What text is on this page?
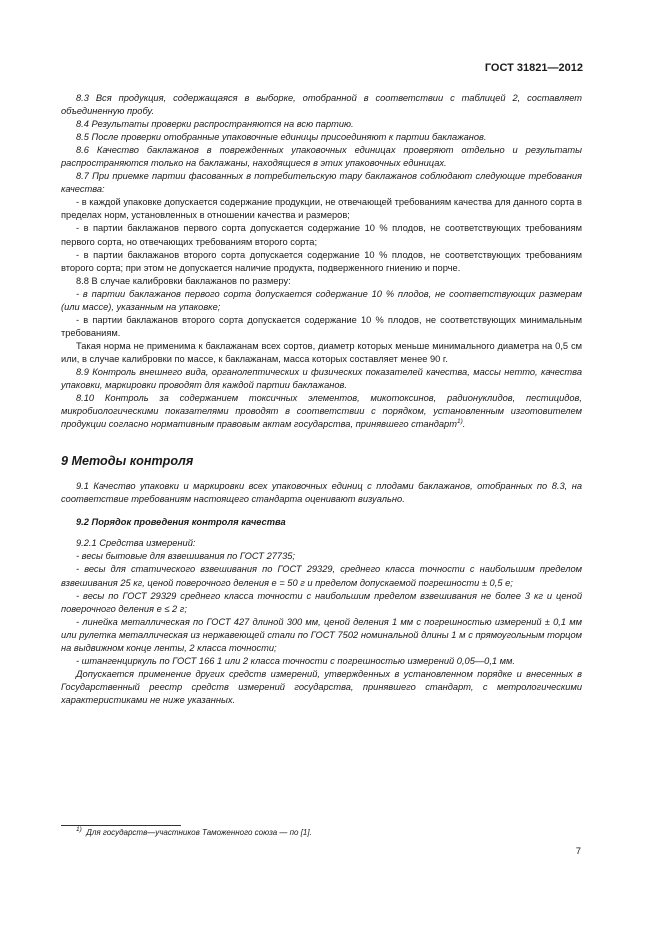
ГОСТ 31821—2012

8.3 Вся продукция, содержащаяся в выборке, отобранной в соответствии с таблицей 2, составляет объединенную пробу.

8.4 Результаты проверки распространяются на всю партию.

8.5 После проверки отобранные упаковочные единицы присоединяют к партии баклажанов.

8.6 Качество баклажанов в поврежденных упаковочных единицах проверяют отдельно и результаты распространяются только на баклажаны, находящиеся в этих упаковочных единицах.

8.7 При приемке партии фасованных в потребительскую тару баклажанов соблюдают следующие требования качества:

- в каждой упаковке допускается содержание продукции, не отвечающей требованиям качества для данного сорта в пределах норм, установленных в отношении качества и размеров;

- в партии баклажанов первого сорта допускается содержание 10 % плодов, не соответствующих требованиям первого сорта, но отвечающих требованиям второго сорта;

- в партии баклажанов второго сорта допускается содержание 10 % плодов, не соответствующих требованиям второго сорта; при этом не допускается наличие продукта, подверженного гниению и порче.

8.8 В случае калибровки баклажанов по размеру:

- в партии баклажанов первого сорта допускается содержание 10 % плодов, не соответствующих размерам (или массе), указанным на упаковке;

- в партии баклажанов второго сорта допускается содержание 10 % плодов, не соответствующих минимальным требованиям.

Такая норма не применима к баклажанам всех сортов, диаметр которых меньше минимального диаметра на 0,5 см или, в случае калибровки по массе, к баклажанам, масса которых составляет менее 90 г.

8.9 Контроль внешнего вида, органолептических и физических показателей качества, массы нетто, качества упаковки, маркировки проводят для каждой партии баклажанов.

8.10 Контроль за содержанием токсичных элементов, микотоксинов, радионуклидов, пестицидов, микробиологическими показателями проводят в соответствии с порядком, установленным изготовителем продукции согласно нормативным правовым актам государства, принявшего стандарт$^{1)}$.

9 Методы контроля

9.1 Качество упаковки и маркировки всех упаковочных единиц с плодами баклажанов, отобранных по 8.3, на соответствие требованиям настоящего стандарта оценивают визуально.

9.2 Порядок проведения контроля качества

9.2.1 Средства измерений:

- весы бытовые для взвешивания по ГОСТ 27735;

- весы для статического взвешивания по ГОСТ 29329, среднего класса точности с наибольшим пределом взвешивания 25 кг, ценой поверочного деления е = 50 г и пределом допускаемой погрешности ± 0,5 е;

- весы по ГОСТ 29329 среднего класса точности с наибольшим пределом взвешивания не более 3 кг и ценой поверочного деления е ≤ 2 г;

- линейка металлическая по ГОСТ 427 длиной 300 мм, ценой деления 1 мм с погрешностью измерений ± 0,1 мм или рулетка металлическая из нержавеющей стали по ГОСТ 7502 номинальной длины 1 м с прямоугольным торцом на выдвижном конце ленты, 2 класса точности;

- штангенциркуль по ГОСТ 166 1 или 2 класса точности с погрешностью измерений 0,05—0,1 мм.

Допускается применение других средств измерений, утвержденных в установленном порядке и внесенных в Государственный реестр средств измерений государства, принявшего стандарт, с метрологическими характеристиками не ниже указанных.

$^{1)}$ Для государств—участников Таможенного союза — по [1].
7
